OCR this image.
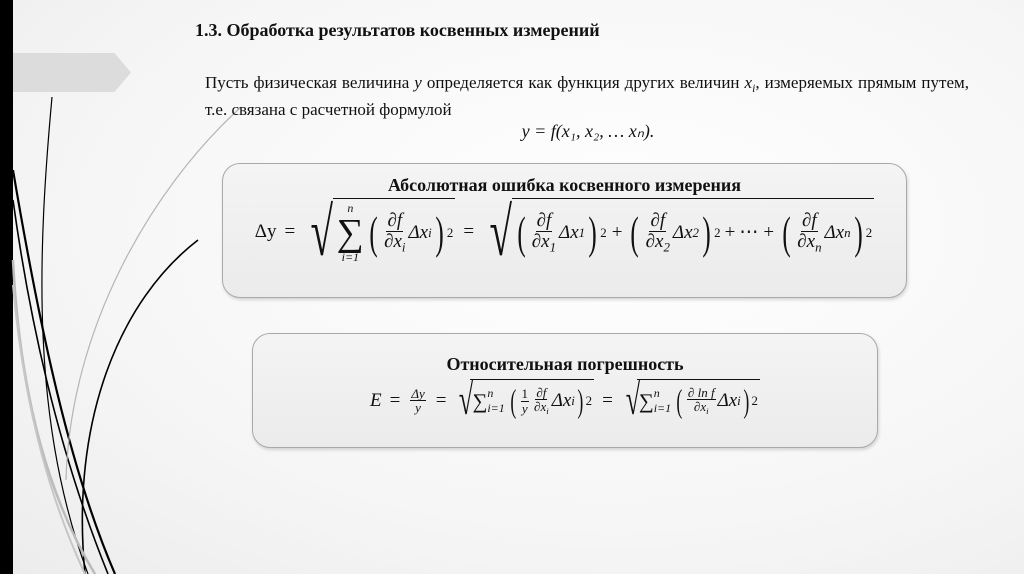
1.3. Обработка результатов косвенных измерений
Пусть физическая величина y определяется как функция других величин $x_i$, измеряемых прямым путем, т.е. связана с расчетной формулой
y = f(x₁, x₂, … xₙ).
Абсолютная ошибка косвенного измерения
Δy = √ n
∑
i=1 ( $\frac{\partial f}{\partial x_i}$ Δx i ) 2 = √ ( $\frac{\partial f}{\partial x_1}$ Δx 1 ) 2 + ( $\frac{\partial f}{\partial x_2}$ Δx 2 ) 2 + ⋯ + ( $\frac{\partial f}{\partial x_n}$ Δx n ) 2
Относительная погрешность
$E = \frac{\Delta y}{y}$ = √
∑ n
i=1 ( $\frac{1}{y} \frac{\partial f}{\partial x_i}$ Δx i ) 2 = √
∑ n
i=1 ( $\frac{\text{∂ ln f}}{\partial x_i}$ Δx i ) 2
